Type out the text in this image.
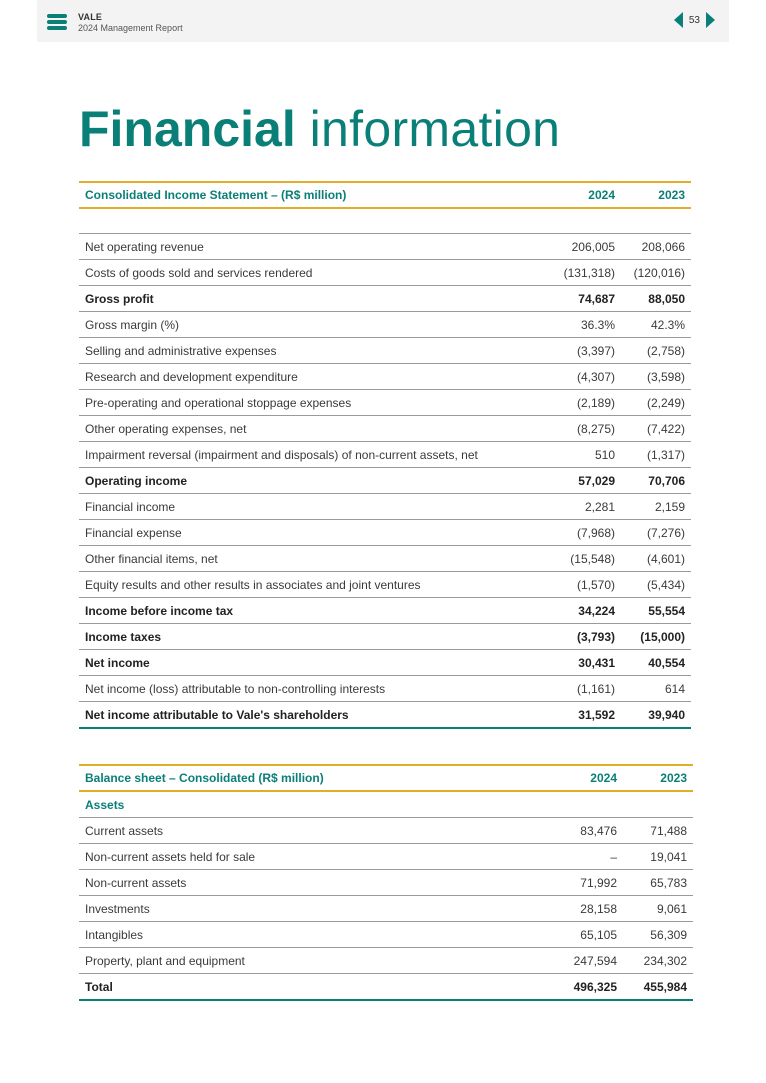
VALE
2024 Management Report
53
Financial information
Consolidated Income Statement – (R$ million)	2024	2023

Net operating revenue	206,005	208,066
Costs of goods sold and services rendered	(131,318)	(120,016)
Gross profit	74,687	88,050
Gross margin (%)	36.3%	42.3%
Selling and administrative expenses	(3,397)	(2,758)
Research and development expenditure	(4,307)	(3,598)
Pre-operating and operational stoppage expenses	(2,189)	(2,249)
Other operating expenses, net	(8,275)	(7,422)
Impairment reversal (impairment and disposals) of non-current assets, net	510	(1,317)
Operating income	57,029	70,706
Financial income	2,281	2,159
Financial expense	(7,968)	(7,276)
Other financial items, net	(15,548)	(4,601)
Equity results and other results in associates and joint ventures	(1,570)	(5,434)
Income before income tax	34,224	55,554
Income taxes	(3,793)	(15,000)
Net income	30,431	40,554
Net income (loss) attributable to non-controlling interests	(1,161)	614
Net income attributable to Vale's shareholders	31,592	39,940
Balance sheet – Consolidated (R$ million)	2024	2023
Assets		
Current assets	83,476	71,488
Non-current assets held for sale	–	19,041
Non-current assets	71,992	65,783
Investments	28,158	9,061
Intangibles	65,105	56,309
Property, plant and equipment	247,594	234,302
Total	496,325	455,984
